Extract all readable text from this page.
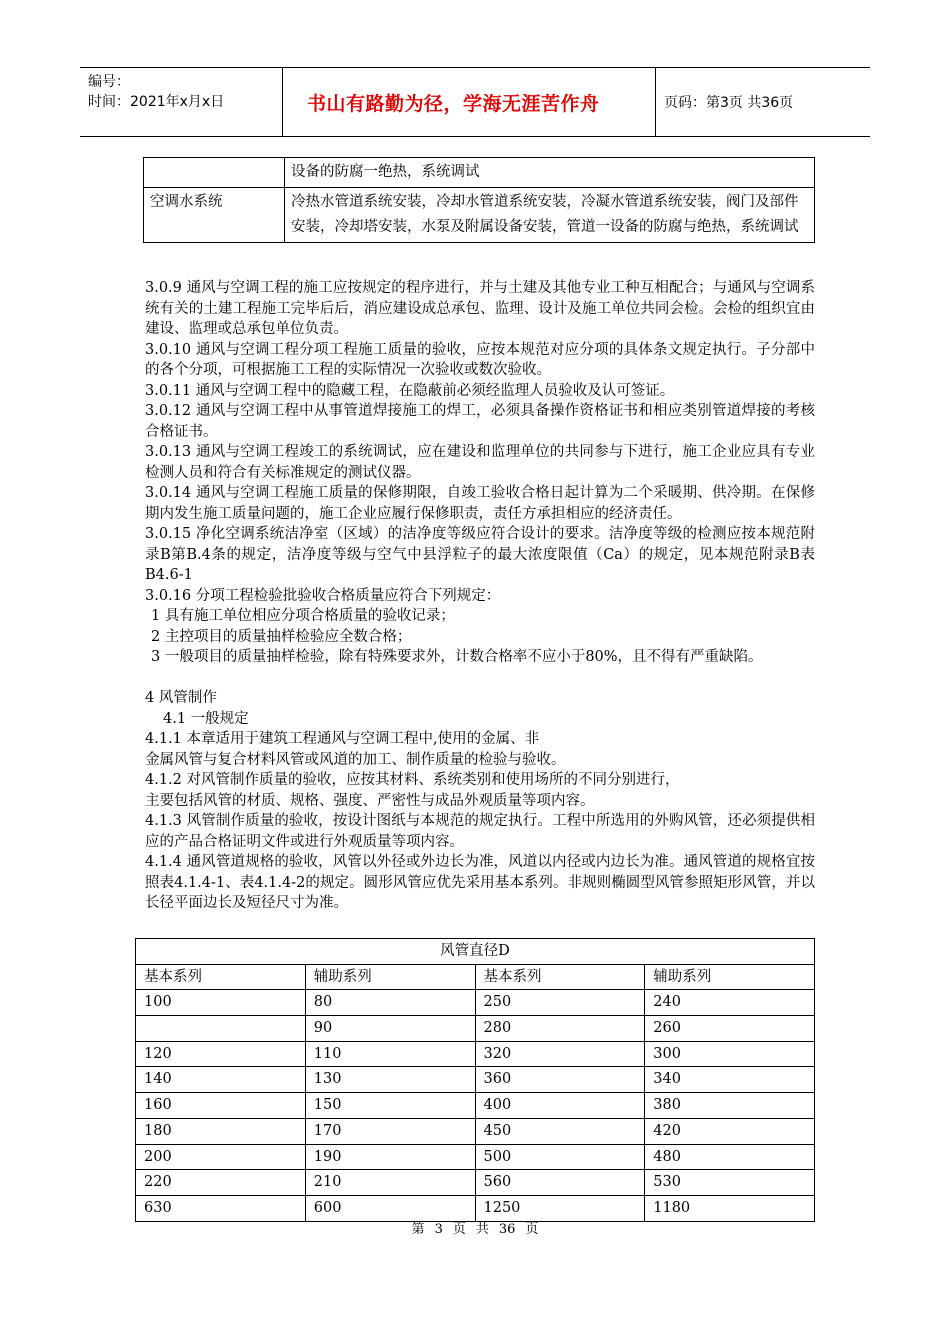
编号：
时间：2021年x月x日	书山有路勤为径，学海无涯苦作舟	页码：第3页 共36页
	设备的防腐一绝热，系统调试
空调水系统	冷热水管道系统安装，冷却水管道系统安装，冷凝水管道系统安装，阀门及部件安装，冷却塔安装，水泵及附属设备安装，管道一设备的防腐与绝热，系统调试

3.0.9 通风与空调工程的施工应按规定的程序进行，并与土建及其他专业工种互相配合；与通风与空调系统有关的土建工程施工完毕后后，消应建设成总承包、监理、设计及施工单位共同会检。会检的组织宜由建设、监理或总承包单位负责。

3.0.10 通风与空调工程分项工程施工质量的验收，应按本规范对应分项的具体条文规定执行。子分部中的各个分项，可根据施工工程的实际情况一次验收或数次验收。

3.0.11 通风与空调工程中的隐藏工程，在隐蔽前必须经监理人员验收及认可签证。

3.0.12 通风与空调工程中从事管道焊接施工的焊工，必须具备操作资格证书和相应类别管道焊接的考核合格证书。

3.0.13 通风与空调工程竣工的系统调试，应在建设和监理单位的共同参与下进行，施工企业应具有专业检测人员和符合有关标准规定的测试仪器。

3.0.14 通风与空调工程施工质量的保修期限，自竣工验收合格日起计算为二个采暖期、供冷期。在保修期内发生施工质量问题的，施工企业应履行保修职责，责任方承担相应的经济责任。

3.0.15 净化空调系统洁净室（区域）的洁净度等级应符合设计的要求。洁净度等级的检测应按本规范附录B第B.4条的规定，洁净度等级与空气中县浮粒子的最大浓度限值（Ca）的规定，见本规范附录B表B4.6-1

3.0.16 分项工程检验批验收合格质量应符合下列规定：

1 具有施工单位相应分项合格质量的验收记录；

2 主控项目的质量抽样检验应全数合格；

3 一般项目的质量抽样检验，除有特殊要求外，计数合格率不应小于80%，且不得有严重缺陷。

4 风管制作

4.1 一般规定

4.1.1 本章适用于建筑工程通风与空调工程中,使用的金属、非

金属风管与复合材料风管或风道的加工、制作质量的检验与验收。

4.1.2 对风管制作质量的验收，应按其材料、系统类别和使用场所的不同分别进行，

主要包括风管的材质、规格、强度、严密性与成品外观质量等项内容。

4.1.3 风管制作质量的验收，按设计图纸与本规范的规定执行。工程中所选用的外购风管，还必须提供相应的产品合格证明文件或进行外观质量等项内容。

4.1.4 通风管道规格的验收，风管以外径或外边长为准，风道以内径或内边长为准。通风管道的规格宜按照表4.1.4-1、表4.1.4-2的规定。圆形风管应优先采用基本系列。非规则椭圆型风管参照矩形风管，并以长径平面边长及短径尺寸为准。

风管直径D			
基本系列	辅助系列	基本系列	辅助系列
100	80	250	240
	90	280	260
120	110	320	300
140	130	360	340
160	150	400	380
180	170	450	420
200	190	500	480
220	210	560	530
630	600	1250	1180
第 3 页 共 36 页
